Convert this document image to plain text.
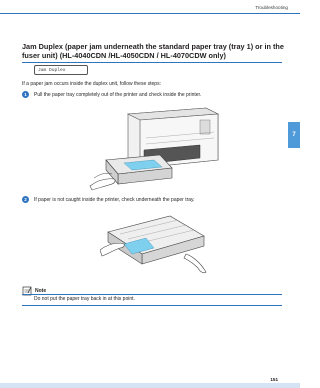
Troubleshooting
7
Jam Duplex (paper jam underneath the standard paper tray (tray 1) or in the fuser unit) (HL-4040CDN /HL-4050CDN / HL-4070CDW only)
Jam Duplex
If a paper jam occurs inside the duplex unit, follow these steps:
1	Pull the paper tray completely out of the printer and check inside the printer.
2	If paper is not caught inside the printer, check underneath the paper tray.
Note
Do not put the paper tray back in at this point.
151
